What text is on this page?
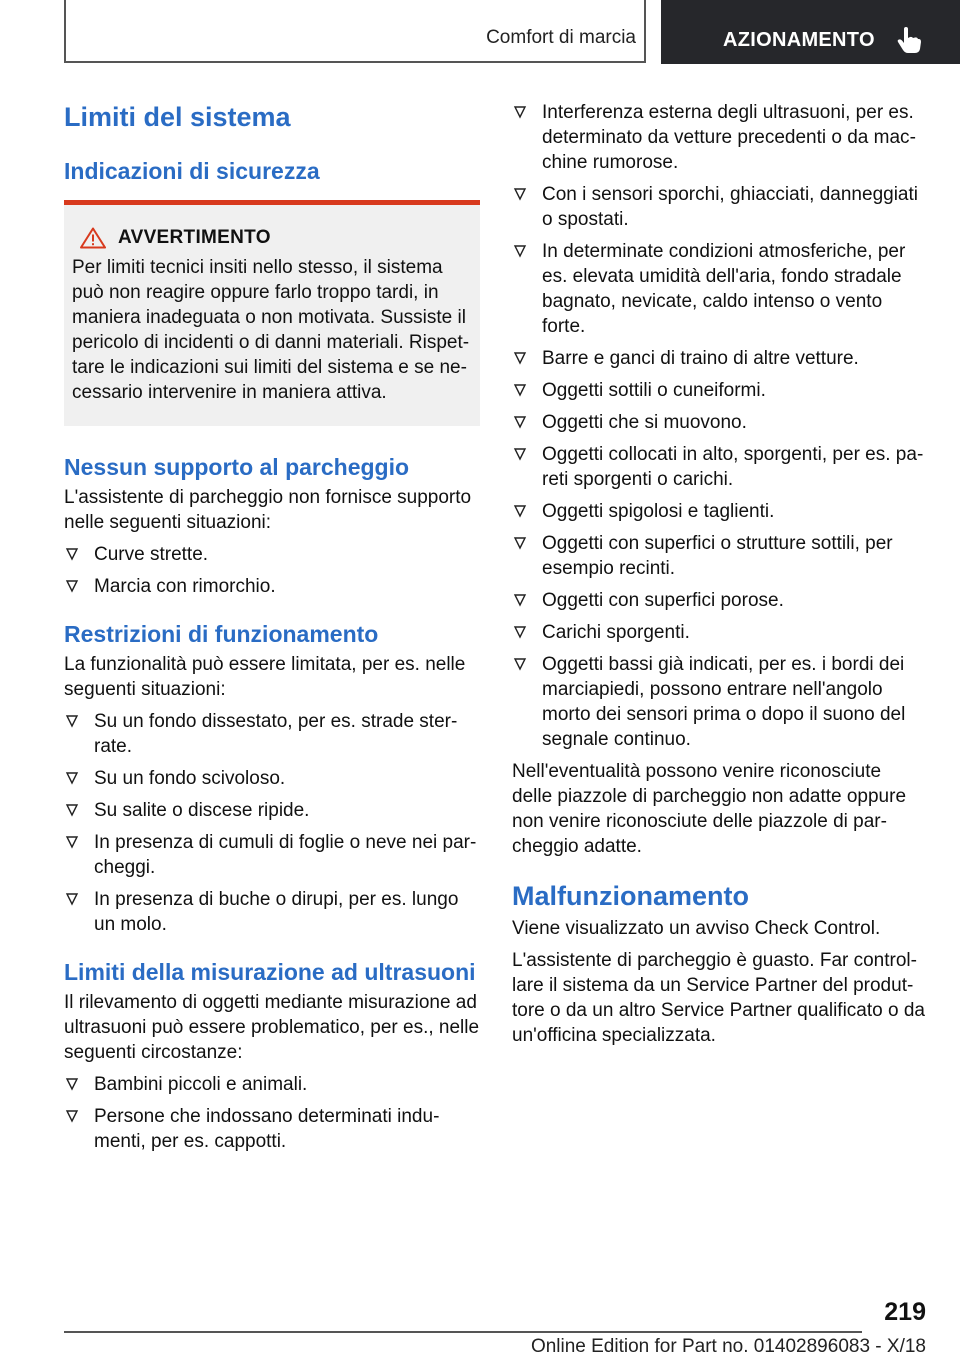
Comfort di marcia	AZIONAMENTO
Limiti del sistema
Indicazioni di sicurezza
AVVERTIMENTO
Per limiti tecnici insiti nello stesso, il sistema può non reagire oppure farlo troppo tardi, in maniera inadeguata o non motivata. Sussiste il pericolo di incidenti o di danni materiali. Rispettare le indicazioni sui limiti del sistema e se necessario intervenire in maniera attiva.
Nessun supporto al parcheggio

L'assistente di parcheggio non fornisce supporto nelle seguenti situazioni:

Curve strette.
Marcia con rimorchio.
Restrizioni di funzionamento

La funzionalità può essere limitata, per es. nelle seguenti situazioni:

Su un fondo dissestato, per es. strade sterrate.
Su un fondo scivoloso.
Su salite o discese ripide.
In presenza di cumuli di foglie o neve nei parcheggi.
In presenza di buche o dirupi, per es. lungo un molo.
Limiti della misurazione ad ultrasuoni

Il rilevamento di oggetti mediante misurazione ad ultrasuoni può essere problematico, per es., nelle seguenti circostanze:

Bambini piccoli e animali.
Persone che indossano determinati indumenti, per es. cappotti.
Interferenza esterna degli ultrasuoni, per es. determinato da vetture precedenti o da macchine rumorose.
Con i sensori sporchi, ghiacciati, danneggiati o spostati.
In determinate condizioni atmosferiche, per es. elevata umidità dell'aria, fondo stradale bagnato, nevicate, caldo intenso o vento forte.
Barre e ganci di traino di altre vetture.
Oggetti sottili o cuneiformi.
Oggetti che si muovono.
Oggetti collocati in alto, sporgenti, per es. pareti sporgenti o carichi.
Oggetti spigolosi e taglienti.
Oggetti con superfici o strutture sottili, per esempio recinti.
Oggetti con superfici porose.
Carichi sporgenti.
Oggetti bassi già indicati, per es. i bordi dei marciapiedi, possono entrare nell'angolo morto dei sensori prima o dopo il suono del segnale continuo.

Nell'eventualità possono venire riconosciute delle piazzole di parcheggio non adatte oppure non venire riconosciute delle piazzole di parcheggio adatte.

Malfunzionamento

Viene visualizzato un avviso Check Control.

L'assistente di parcheggio è guasto. Far controllare il sistema da un Service Partner del produttore o da un altro Service Partner qualificato o da un'officina specializzata.

219
Online Edition for Part no. 01402896083 - X/18
